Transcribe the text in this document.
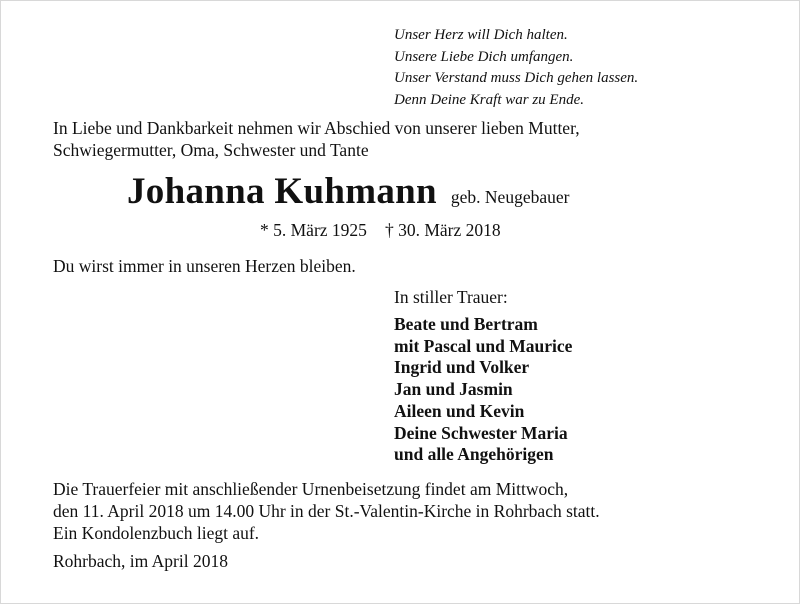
Unser Herz will Dich halten.
Unsere Liebe Dich umfangen.
Unser Verstand muss Dich gehen lassen.
Denn Deine Kraft war zu Ende.
In Liebe und Dankbarkeit nehmen wir Abschied von unserer lieben Mutter,
Schwiegermutter, Oma, Schwester und Tante
Johanna Kuhmann geb. Neugebauer
* 5. März 1925 † 30. März 2018
Du wirst immer in unseren Herzen bleiben.
In stiller Trauer:
Beate und Bertram
mit Pascal und Maurice
Ingrid und Volker
Jan und Jasmin
Aileen und Kevin
Deine Schwester Maria
und alle Angehörigen
Die Trauerfeier mit anschließender Urnenbeisetzung findet am Mittwoch,
den 11. April 2018 um 14.00 Uhr in der St.-Valentin-Kirche in Rohrbach statt.
Ein Kondolenzbuch liegt auf.
Rohrbach, im April 2018
